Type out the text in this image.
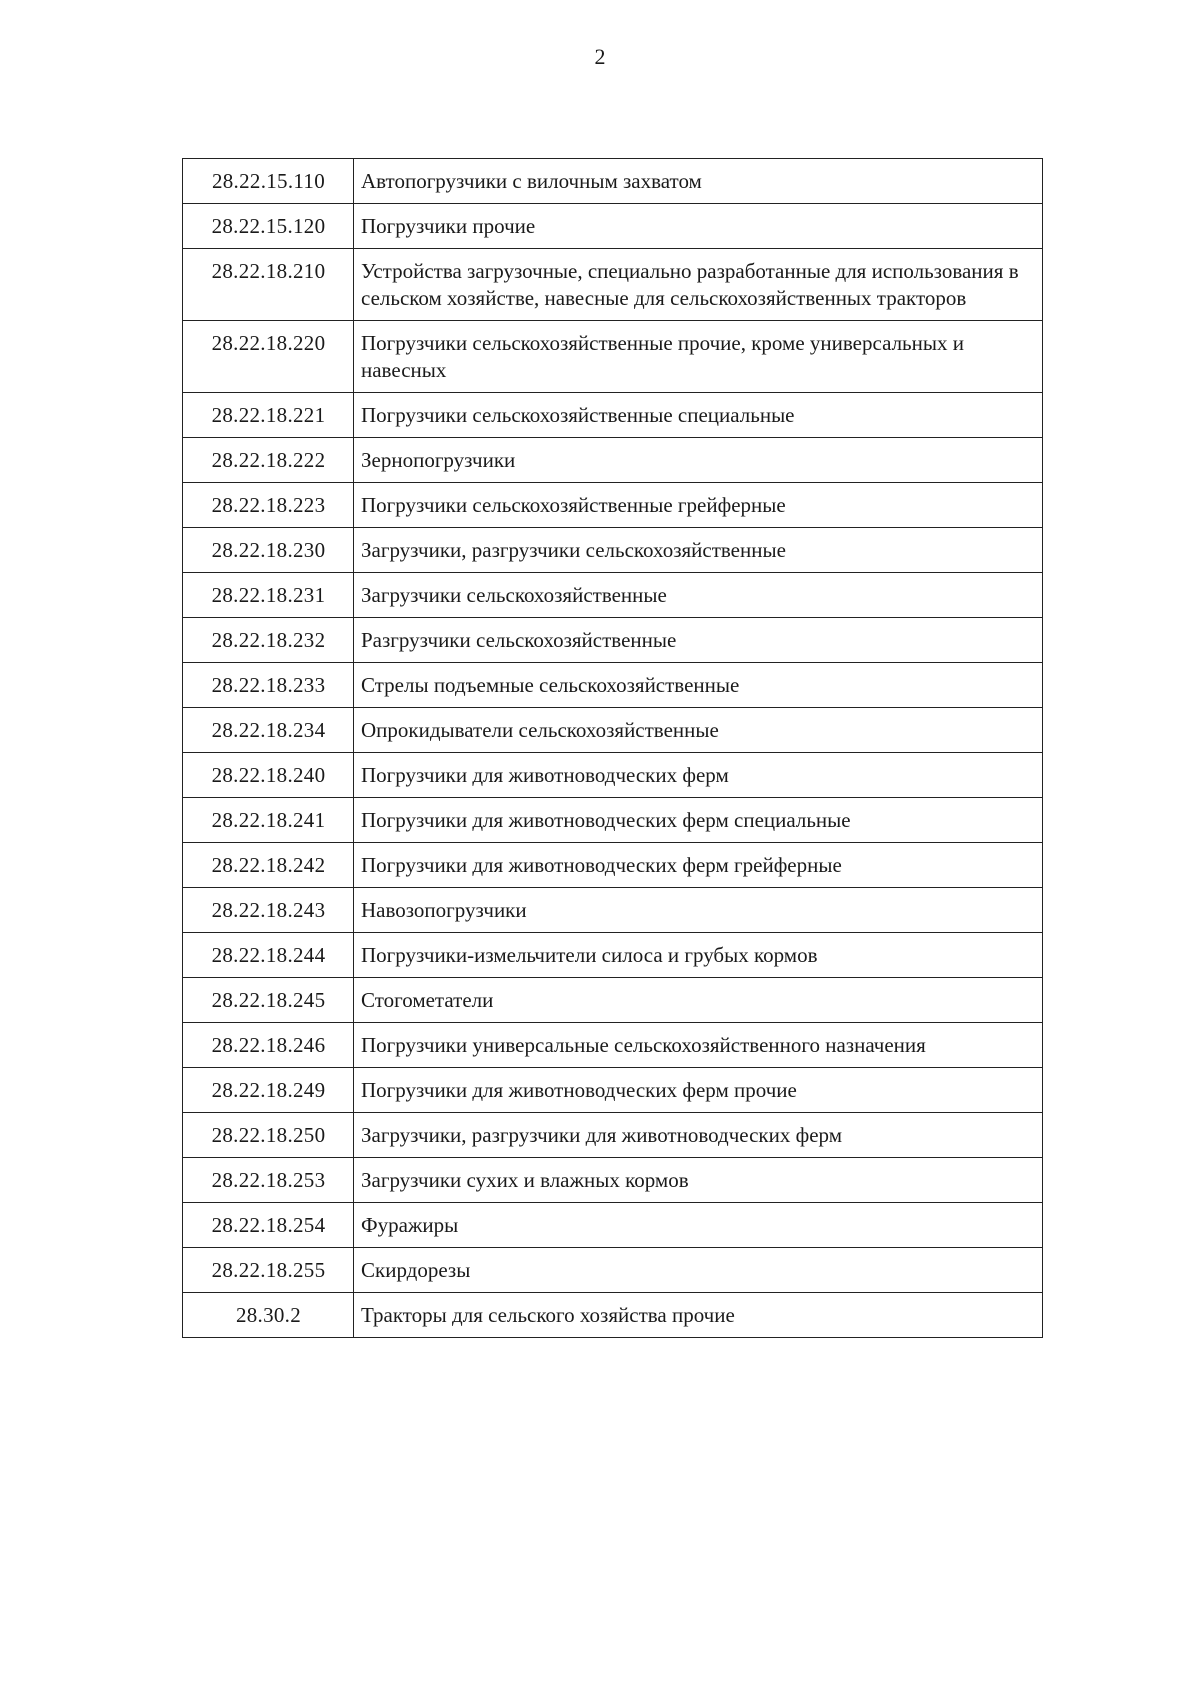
2
28.22.15.110	Автопогрузчики с вилочным захватом
28.22.15.120	Погрузчики прочие
28.22.18.210	Устройства загрузочные, специально разработанные для использования в сельском хозяйстве, навесные для сельскохозяйственных тракторов
28.22.18.220	Погрузчики сельскохозяйственные прочие, кроме универсальных и навесных
28.22.18.221	Погрузчики сельскохозяйственные специальные
28.22.18.222	Зернопогрузчики
28.22.18.223	Погрузчики сельскохозяйственные грейферные
28.22.18.230	Загрузчики, разгрузчики сельскохозяйственные
28.22.18.231	Загрузчики сельскохозяйственные
28.22.18.232	Разгрузчики сельскохозяйственные
28.22.18.233	Стрелы подъемные сельскохозяйственные
28.22.18.234	Опрокидыватели сельскохозяйственные
28.22.18.240	Погрузчики для животноводческих ферм
28.22.18.241	Погрузчики для животноводческих ферм специальные
28.22.18.242	Погрузчики для животноводческих ферм грейферные
28.22.18.243	Навозопогрузчики
28.22.18.244	Погрузчики-измельчители силоса и грубых кормов
28.22.18.245	Стогометатели
28.22.18.246	Погрузчики универсальные сельскохозяйственного назначения
28.22.18.249	Погрузчики для животноводческих ферм прочие
28.22.18.250	Загрузчики, разгрузчики для животноводческих ферм
28.22.18.253	Загрузчики сухих и влажных кормов
28.22.18.254	Фуражиры
28.22.18.255	Скирдорезы
28.30.2	Тракторы для сельского хозяйства прочие
